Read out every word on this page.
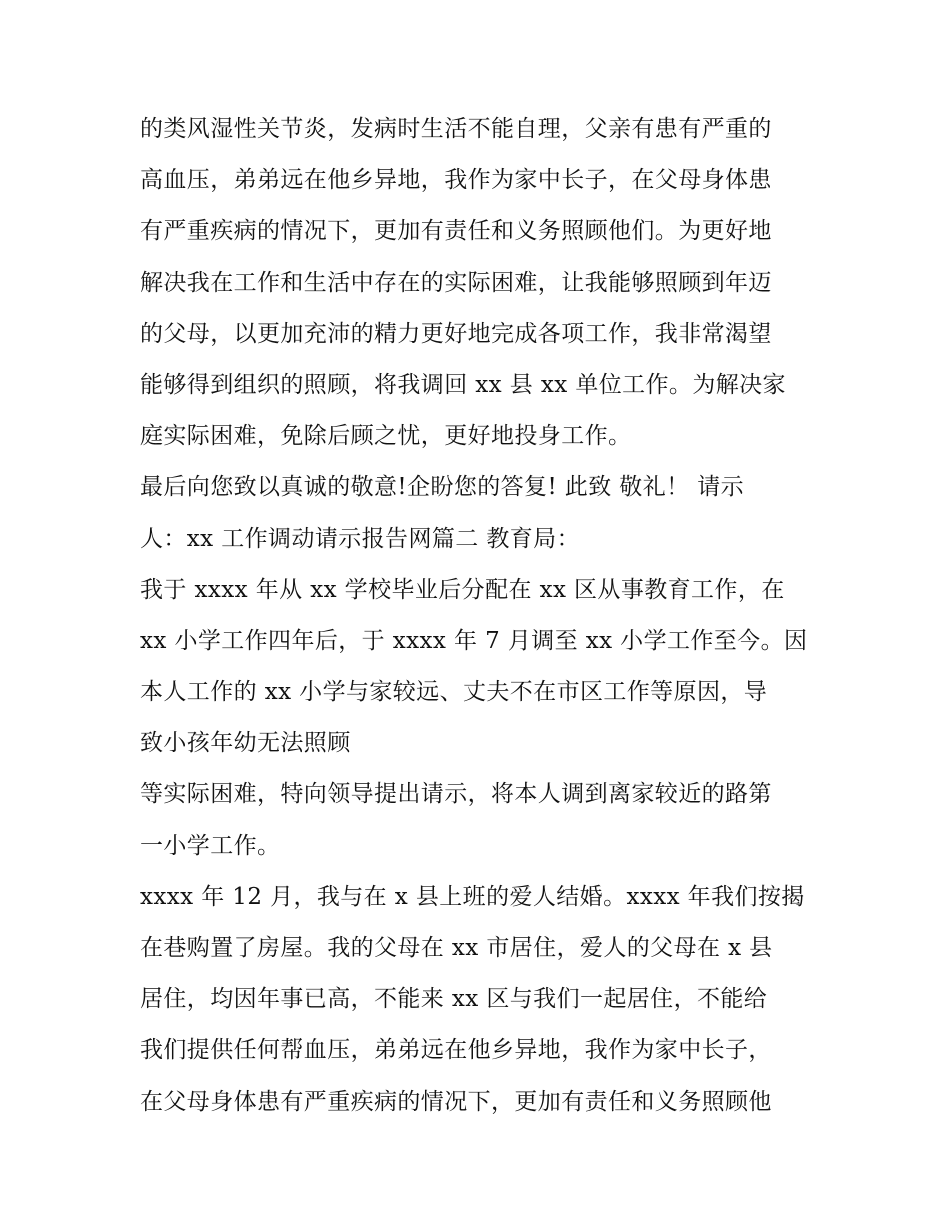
的类风湿性关节炎，发病时生活不能自理，父亲有患有严重的
高血压，弟弟远在他乡异地，我作为家中长子，在父母身体患
有严重疾病的情况下，更加有责任和义务照顾他们。为更好地
解决我在工作和生活中存在的实际困难，让我能够照顾到年迈
的父母，以更加充沛的精力更好地完成各项工作，我非常渴望
能够得到组织的照顾，将我调回 xx 县 xx 单位工作。为解决家
庭实际困难，免除后顾之忧，更好地投身工作。
最后向您致以真诚的敬意!企盼您的答复! 此致 敬礼！ 请示
人：xx 工作调动请示报告网篇二 教育局：
我于 xxxx 年从 xx 学校毕业后分配在 xx 区从事教育工作，在
xx 小学工作四年后，于 xxxx 年 7 月调至 xx 小学工作至今。因
本人工作的 xx 小学与家较远、丈夫不在市区工作等原因，导
致小孩年幼无法照顾
等实际困难，特向领导提出请示，将本人调到离家较近的路第
一小学工作。
xxxx 年 12 月，我与在 x 县上班的爱人结婚。xxxx 年我们按揭
在巷购置了房屋。我的父母在 xx 市居住，爱人的父母在 x 县
居住，均因年事已高，不能来 xx 区与我们一起居住，不能给
我们提供任何帮血压，弟弟远在他乡异地，我作为家中长子，
在父母身体患有严重疾病的情况下，更加有责任和义务照顾他
